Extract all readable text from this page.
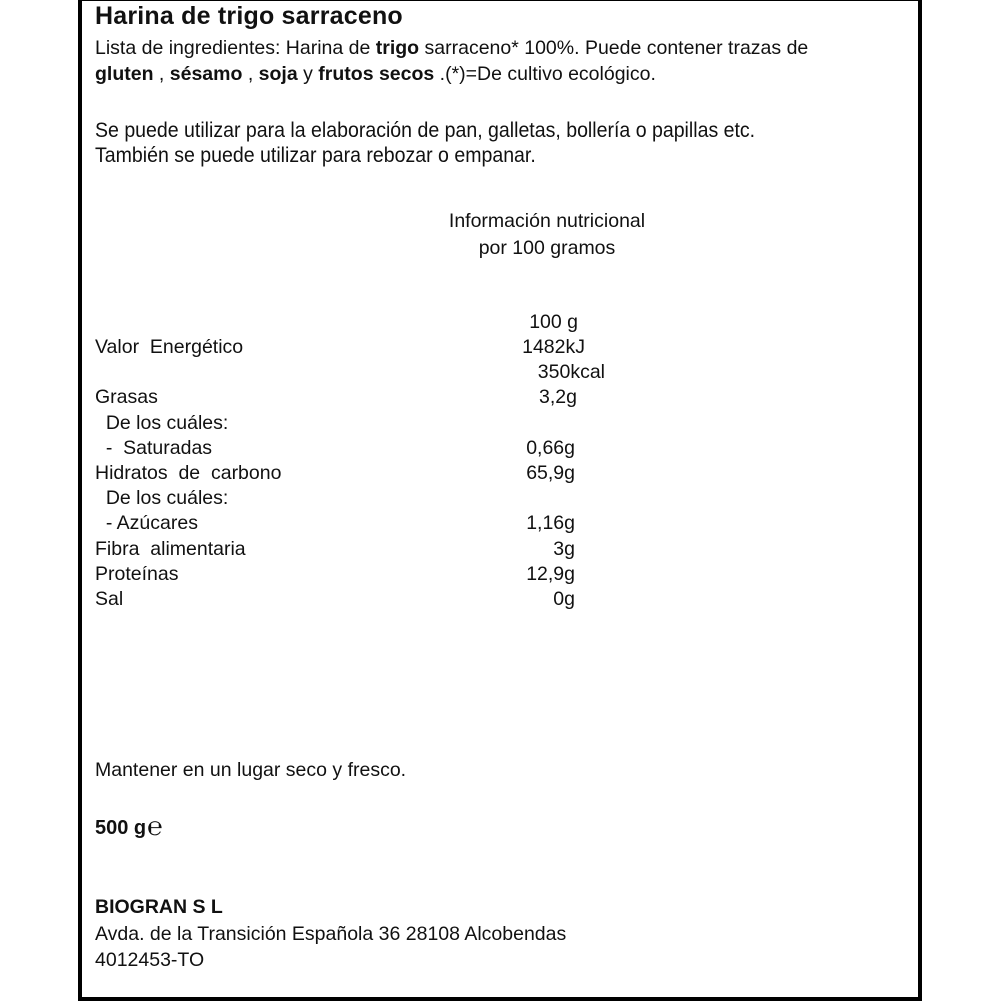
Harina de trigo sarraceno
Lista de ingredientes: Harina de trigo sarraceno* 100%. Puede contener trazas de
gluten , sésamo , soja y frutos secos .(*)=De cultivo ecológico.
Se puede utilizar para la elaboración de pan, galletas, bollería o papillas etc.
También se puede utilizar para rebozar o empanar.
Información nutricional
por 100 gramos
100 g
Valor  Energético	1482kJ
350kcal
Grasas	3,2g
De los cuáles:
-  Saturadas	0,66g
Hidratos  de  carbono	65,9g
De los cuáles:
- Azúcares	1,16g
Fibra  alimentaria	3g
Proteínas	12,9g
Sal	0g
Mantener en un lugar seco y fresco.
500 g℮
BIOGRAN S L
Avda. de la Transición Española 36 28108 Alcobendas
4012453-TO
